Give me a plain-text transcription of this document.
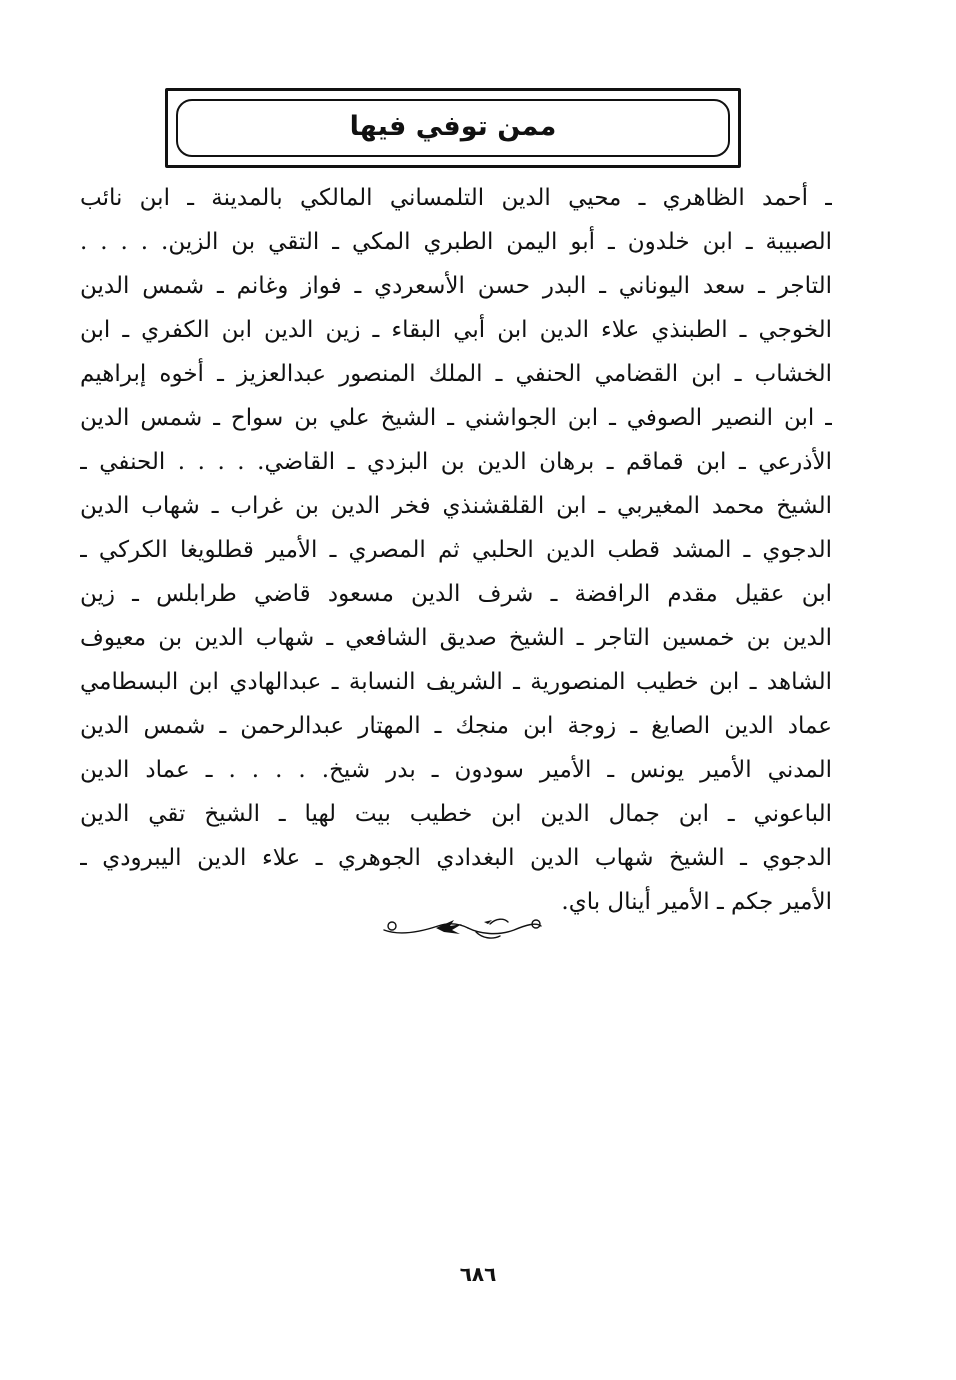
ممن توفي فيها
ـ أحمد الظاهري ـ محيي الدين التلمساني المالكي بالمدينة ـ ابن نائب
الصبيبة ـ ابن خلدون ـ أبو اليمن الطبري المكي ـ التقي بن الزين. . . . .
التاجر ـ سعد اليوناني ـ البدر حسن الأسعردي ـ فواز وغانم ـ شمس الدين
الخوجي ـ الطبنذي علاء الدين ابن أبي البقاء ـ زين الدين ابن الكفري ـ ابن
الخشاب ـ ابن القضامي الحنفي ـ الملك المنصور عبدالعزيز ـ أخوه إبراهيم
ـ ابن النصير الصوفي ـ ابن الجواشني ـ الشيخ علي بن سواح ـ شمس الدين
الأذرعي ـ ابن قماقم ـ برهان الدين بن البزدي ـ القاضي. . . . . الحنفي ـ
الشيخ محمد المغيربي ـ ابن القلقشنذي فخر الدين بن غراب ـ شهاب الدين
الدجوي ـ المشد قطب الدين الحلبي ثم المصري ـ الأمير قطلويغا الكركي ـ
ابن عقيل مقدم الرافضة ـ شرف الدين مسعود قاضي طرابلس ـ زين
الدين بن خمسين التاجر ـ الشيخ صديق الشافعي ـ شهاب الدين بن معيوف
الشاهد ـ ابن خطيب المنصورية ـ الشريف النسابة ـ عبدالهادي ابن البسطامي
عماد الدين الصايغ ـ زوجة ابن منجك ـ المهتار عبدالرحمن ـ شمس الدين
المدني الأمير يونس ـ الأمير سودون ـ بدر شيخ. . . . . ـ عماد الدين
الباعوني ـ ابن جمال الدين ابن خطيب بيت لهيا ـ الشيخ تقي الدين
الدجوي ـ الشيخ شهاب الدين البغدادي الجوهري ـ علاء الدين اليبرودي ـ
الأمير جكم ـ الأمير أينال باي.
٦٨٦
